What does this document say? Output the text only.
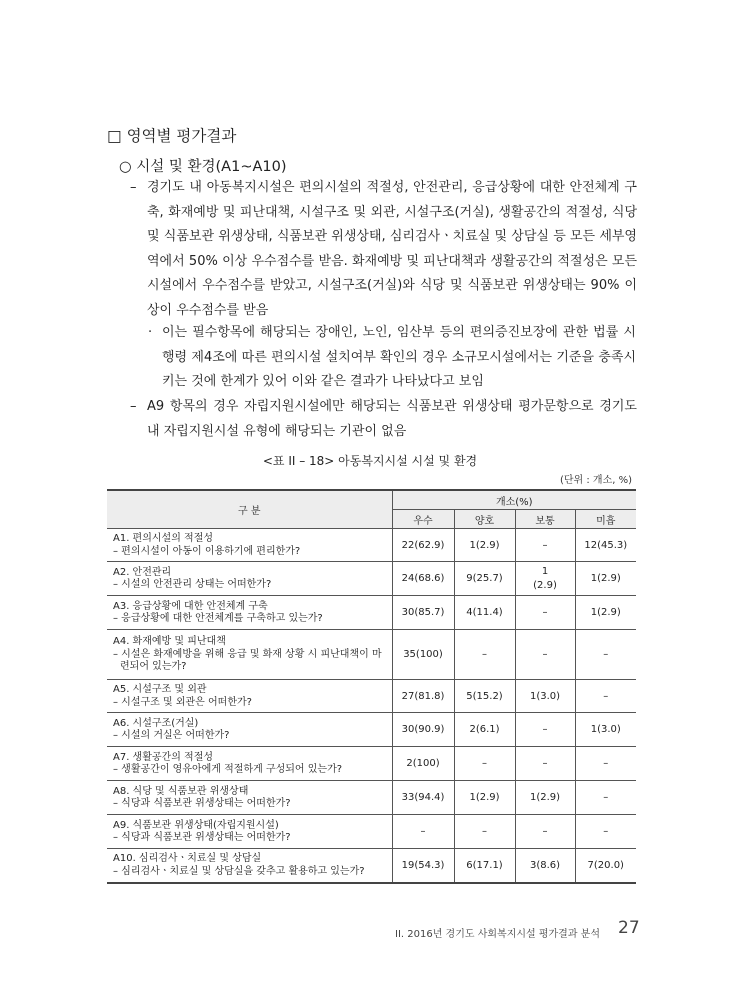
□ 영역별 평가결과
○ 시설 및 환경(A1~A10)
– 경기도 내 아동복지시설은 편의시설의 적절성, 안전관리, 응급상황에 대한 안전체계 구축, 화재예방 및 피난대책, 시설구조 및 외관, 시설구조(거실), 생활공간의 적절성, 식당 및 식품보관 위생상태, 식품보관 위생상태, 심리검사ㆍ치료실 및 상담실 등 모든 세부영역에서 50% 이상 우수점수를 받음. 화재예방 및 피난대책과 생활공간의 적절성은 모든 시설에서 우수점수를 받았고, 시설구조(거실)와 식당 및 식품보관 위생상태는 90% 이상이 우수점수를 받음
· 이는 필수항목에 해당되는 장애인, 노인, 임산부 등의 편의증진보장에 관한 법률 시행령 제4조에 따른 편의시설 설치여부 확인의 경우 소규모시설에서는 기준을 충족시키는 것에 한계가 있어 이와 같은 결과가 나타났다고 보임
– A9 항목의 경우 자립지원시설에만 해당되는 식품보관 위생상태 평가문항으로 경기도 내 자립지원시설 유형에 해당되는 기관이 없음
<표 II – 18> 아동복지시설 시설 및 환경
(단위 : 개소, %)
구 분	개소(%)			
	우수	양호	보통	미흡

A1. 편의시설의 적절성
– 편의시설이 아동이 이용하기에 편리한가?	22(62.9)	1(2.9)	–	12(45.3)

A2. 안전관리
– 시설의 안전관리 상태는 어떠한가?	24(68.6)	9(25.7)	1
(2.9)	1(2.9)

A3. 응급상황에 대한 안전체계 구축
– 응급상황에 대한 안전체계를 구축하고 있는가?	30(85.7)	4(11.4)	–	1(2.9)

A4. 화재예방 및 피난대책
– 시설은 화재예방을 위해 응급 및 화재 상황 시 피난대책이 마련되어 있는가?	35(100)	–	–	–

A5. 시설구조 및 외관
– 시설구조 및 외관은 어떠한가?	27(81.8)	5(15.2)	1(3.0)	–

A6. 시설구조(거실)
– 시설의 거실은 어떠한가?	30(90.9)	2(6.1)	–	1(3.0)

A7. 생활공간의 적절성
– 생활공간이 영유아에게 적절하게 구성되어 있는가?	2(100)	–	–	–

A8. 식당 및 식품보관 위생상태
– 식당과 식품보관 위생상태는 어떠한가?	33(94.4)	1(2.9)	1(2.9)	–

A9. 식품보관 위생상태(자립지원시설)
– 식당과 식품보관 위생상태는 어떠한가?	–	–	–	–

A10. 심리검사ㆍ치료실 및 상담실
– 심리검사ㆍ치료실 및 상담실을 갖추고 활용하고 있는가?	19(54.3)	6(17.1)	3(8.6)	7(20.0)
II. 2016년 경기도 사회복지시설 평가결과 분석 27
